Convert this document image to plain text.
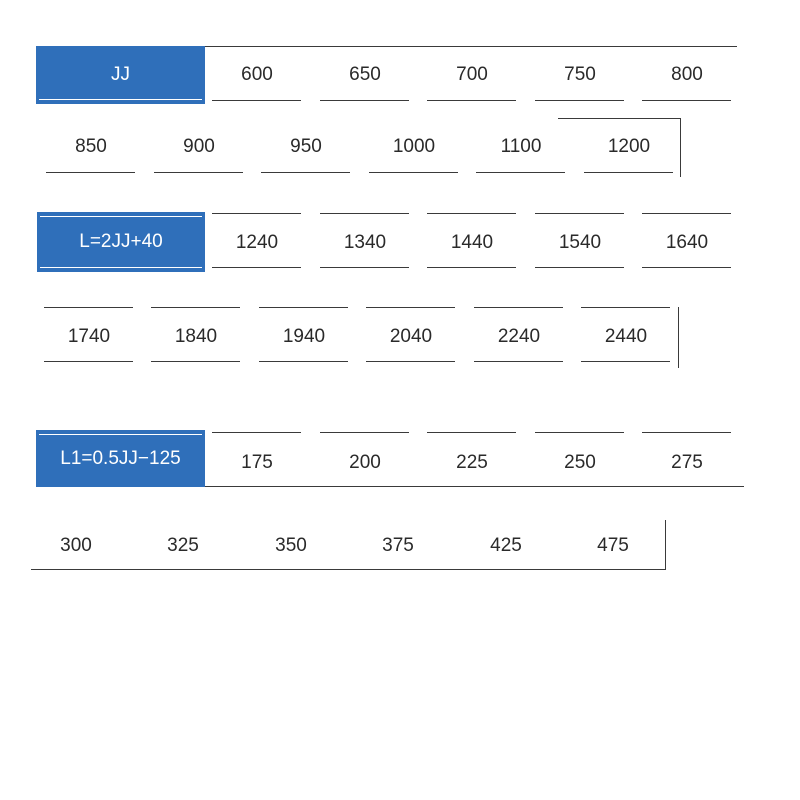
JJ	600	650	700	750	800
850	900	950	1000	1100	1200
L=2JJ+40	1240	1340	1440	1540	1640
1740	1840	1940	2040	2240	2440
L1=0.5JJ−125	175	200	225	250	275
300	325	350	375	425	475
